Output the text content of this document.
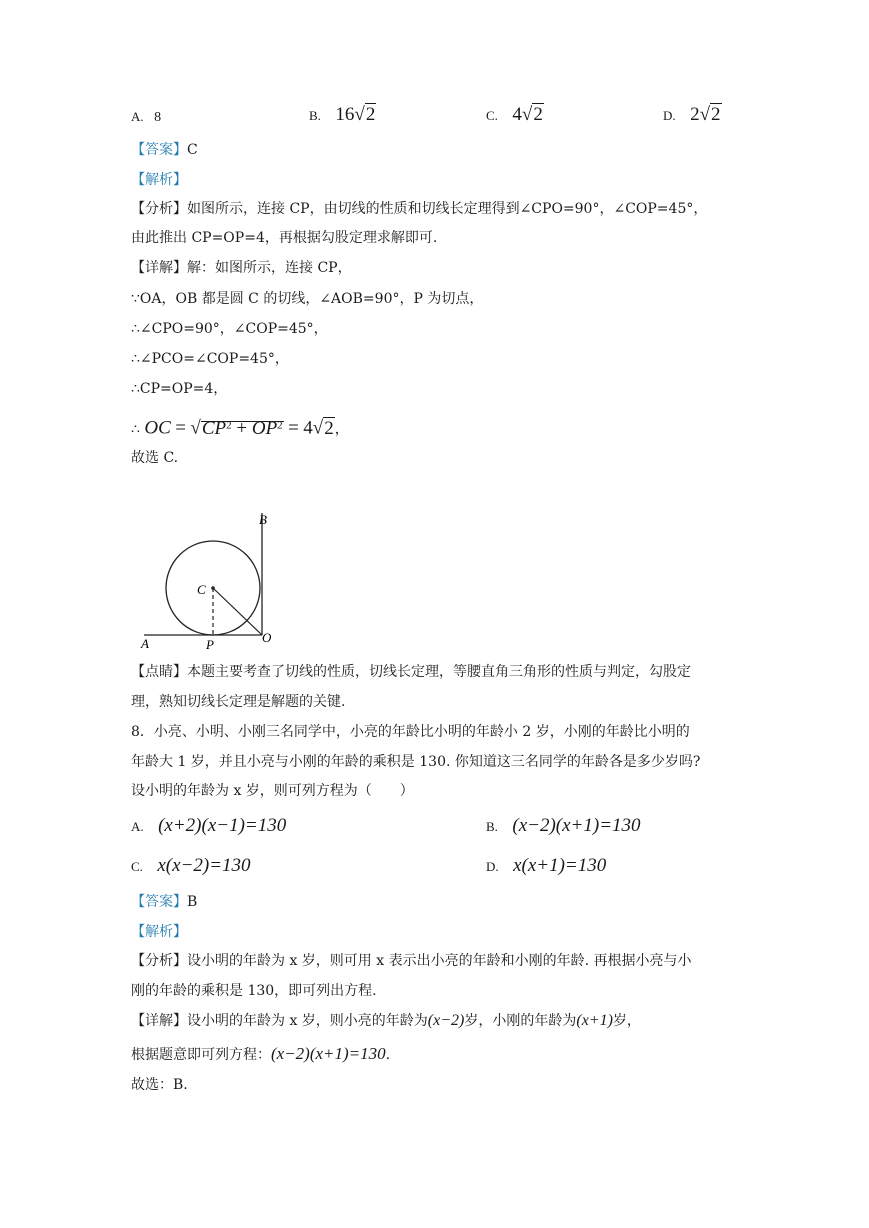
A. 8	B. 16√2	C. 4√2	D. 2√2
【答案】C
【解析】
【分析】如图所示，连接 CP，由切线的性质和切线长定理得到∠CPO=90°，∠COP=45°，
由此推出 CP=OP=4，再根据勾股定理求解即可.
【详解】解：如图所示，连接 CP，
∵OA，OB 都是圆 C 的切线，∠AOB=90°，P 为切点，
∴∠CPO=90°，∠COP=45°，
∴∠PCO=∠COP=45°，
∴CP=OP=4，
∴ OC = $√CP^2 + OP^2 = 4√2$，
故选 C.
B
C
O
A	P
【点睛】本题主要考查了切线的性质，切线长定理，等腰直角三角形的性质与判定，勾股定
理，熟知切线长定理是解题的关键.
8．小亮、小明、小刚三名同学中，小亮的年龄比小明的年龄小 2 岁，小刚的年龄比小明的
年龄大 1 岁，并且小亮与小刚的年龄的乘积是 130. 你知道这三名同学的年龄各是多少岁吗?
设小明的年龄为 x 岁，则可列方程为（　　）
A. (x+2)(x−1)=130	B. (x−2)(x+1)=130
C. x(x−2)=130	D. x(x+1)=130
【答案】B
【解析】
【分析】设小明的年龄为 x 岁，则可用 x 表示出小亮的年龄和小刚的年龄. 再根据小亮与小
刚的年龄的乘积是 130，即可列出方程.
【详解】设小明的年龄为 x 岁，则小亮的年龄为(x−2)岁，小刚的年龄为(x+1)岁，
根据题意即可列方程：(x−2)(x+1)=130.
故选：B.
